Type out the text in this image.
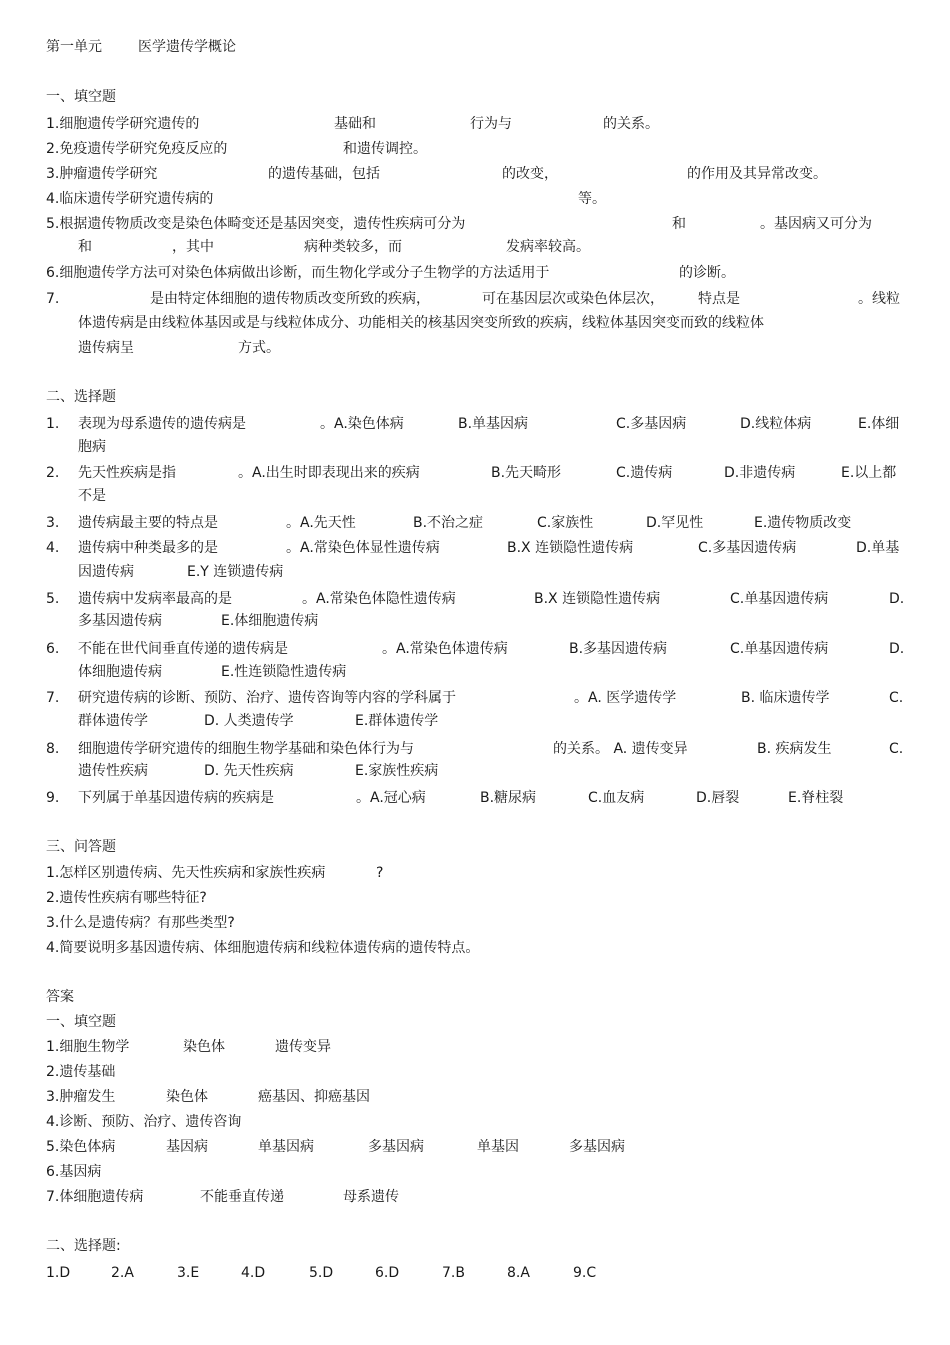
第一单元	医学遗传学概论
一、填空题
1.细胞遗传学研究遗传的	基础和	行为与	的关系。
2.免疫遗传学研究免疫反应的	和遗传调控。
3.肿瘤遗传学研究	的遗传基础，包括	的改变，	的作用及其异常改变。
4.临床遗传学研究遗传病的	等。
5.根据遗传物质改变是染色体畸变还是基因突变，遗传性疾病可分为	和	。基因病又可分为
和	，其中	病种类较多，而	发病率较高。
6.细胞遗传学方法可对染色体病做出诊断，而生物化学或分子生物学的方法适用于	的诊断。
7.	是由特定体细胞的遗传物质改变所致的疾病，	可在基因层次或染色体层次， 特点是	。线粒
体遗传病是由线粒体基因或是与线粒体成分、功能相关的核基因突变所致的疾病，线粒体基因突变而致的线粒体
遗传病呈	方式。
二、选择题
1. 表现为母系遗传的遗传病是	。A.染色体病	B.单基因病	C.多基因病	D.线粒体病	E.体细
胞病
2. 先天性疾病是指	。A.出生时即表现出来的疾病	B.先天畸形	C.遗传病	D.非遗传病	E.以上都
不是
3. 遗传病最主要的特点是	。A.先天性	B.不治之症	C.家族性	D.罕见性	E.遗传物质改变
4. 遗传病中种类最多的是	。A.常染色体显性遗传病	B.X 连锁隐性遗传病	C.多基因遗传病	D.单基
因遗传病	E.Y 连锁遗传病
5. 遗传病中发病率最高的是	。A.常染色体隐性遗传病	B.X 连锁隐性遗传病	C.单基因遗传病	D.
多基因遗传病	E.体细胞遗传病
6. 不能在世代间垂直传递的遗传病是	。A.常染色体遗传病	B.多基因遗传病	C.单基因遗传病	D.
体细胞遗传病	E.性连锁隐性遗传病
7. 研究遗传病的诊断、预防、治疗、遗传咨询等内容的学科属于	。A. 医学遗传学	B. 临床遗传学	C.
群体遗传学	D. 人类遗传学	E.群体遗传学
8. 细胞遗传学研究遗传的细胞生物学基础和染色体行为与	的关系。 A. 遗传变异	B. 疾病发生	C.
遗传性疾病	D. 先天性疾病	E.家族性疾病
9. 下列属于单基因遗传病的疾病是	。A.冠心病	B.糖尿病	C.血友病	D.唇裂	E.脊柱裂
三、问答题
1.怎样区别遗传病、先天性疾病和家族性疾病	?
2.遗传性疾病有哪些特征?
3.什么是遗传病？有那些类型?
4.简要说明多基因遗传病、体细胞遗传病和线粒体遗传病的遗传特点。
答案
一、填空题
1.细胞生物学	染色体	遗传变异
2.遗传基础
3.肿瘤发生	染色体	癌基因、抑癌基因
4.诊断、预防、治疗、遗传咨询
5.染色体病	基因病	单基因病	多基因病	单基因	多基因病
6.基因病
7.体细胞遗传病	不能垂直传递	母系遗传
二、选择题:
1.D	2.A	3.E	4.D	5.D	6.D	7.B	8.A	9.C
